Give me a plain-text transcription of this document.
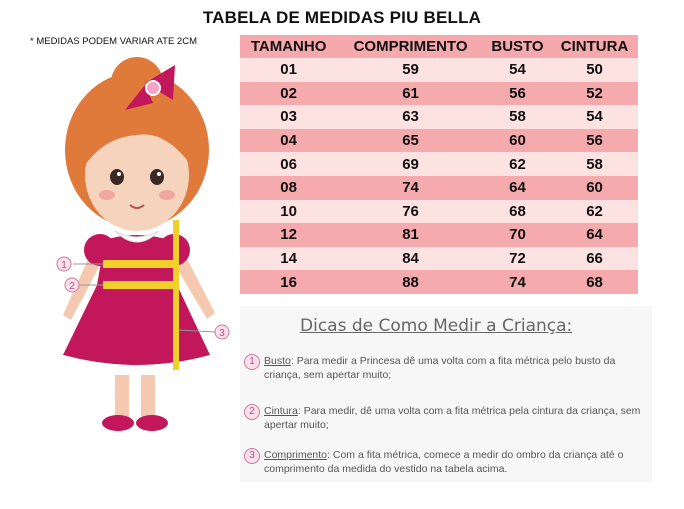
TABELA DE MEDIDAS PIU BELLA
* MEDIDAS PODEM VARIAR ATE 2CM
1
2
3
TAMANHO	COMPRIMENTO	BUSTO	CINTURA
01	59	54	50
02	61	56	52
03	63	58	54
04	65	60	56
06	69	62	58
08	74	64	60
10	76	68	62
12	81	70	64
14	84	72	66
16	88	74	68
Dicas de Como Medir a Criança:
1 Busto: Para medir a Princesa dê uma volta com a fita métrica pelo busto da criança, sem apertar muito;
2 Cintura: Para medir, dê uma volta com a fita métrica pela cintura da criança, sem apertar muito;
3 Comprimento: Com a fita métrica, comece a medir do ombro da criança até o comprimento da medida do vestido na tabela acima.
